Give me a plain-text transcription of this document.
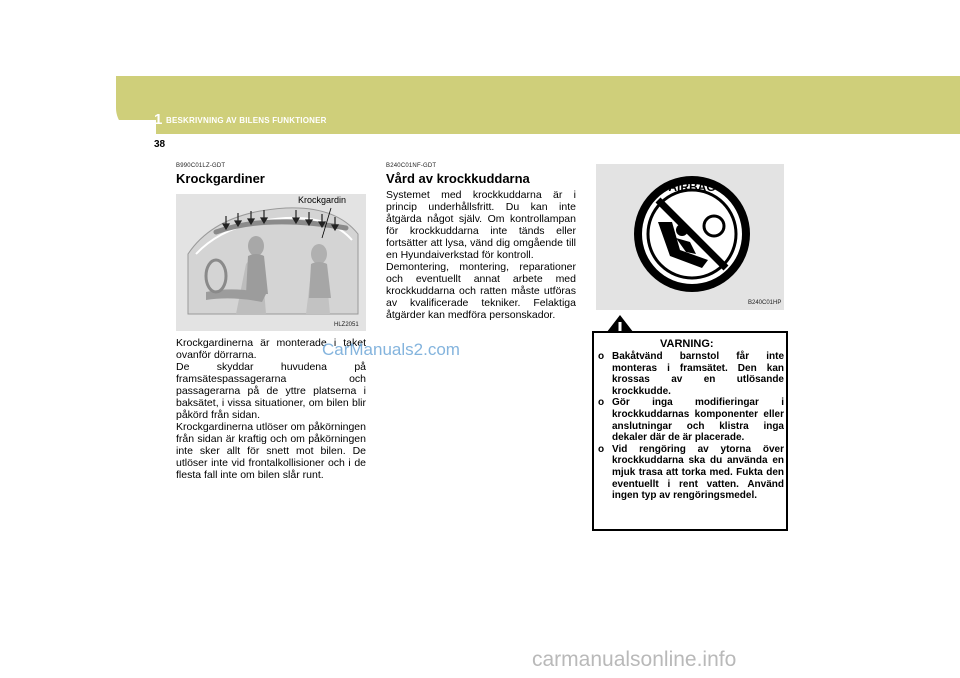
1 BESKRIVNING AV BILENS FUNKTIONER
38
B990C01LZ-GDT
Krockgardiner
Krockgardin
HLZ2051
Krockgardinerna är monterade i taket ovanför dörrarna.
De skyddar huvudena på framsätespassagerarna och passagerarna på de yttre platserna i baksätet, i vissa situationer, om bilen blir påkörd från sidan.
Krockgardinerna utlöser om påkörningen från sidan är kraftig och om påkörningen inte sker allt för snett mot bilen. De utlöser inte vid frontalkollisioner och i de flesta fall inte om bilen slår runt.
B240C01NF-GDT
Vård av krockkuddarna
Systemet med krockkuddarna är i princip underhållsfritt. Du kan inte åtgärda något själv. Om kontrollampan för krockkuddarna inte tänds eller fortsätter att lysa, vänd dig omgående till en Hyundaiverkstad för kontroll.
Demontering, montering, reparationer och eventuellt annat arbete med krockkuddarna och ratten måste utföras av kvalificerade tekniker. Felaktiga åtgärder kan medföra personskador.
AIRBAG
B240C01HP
VARNING:
o Bakåtvänd barnstol får inte monteras i framsätet. Den kan krossas av en utlösande krockkudde.
o Gör inga modifieringar i krockkuddarnas komponenter eller anslutningar och klistra inga dekaler där de är placerade.
o Vid rengöring av ytorna över krockkuddarna ska du använda en mjuk trasa att torka med. Fukta den eventuellt i rent vatten. Använd ingen typ av rengöringsmedel.
CarManuals2.com
carmanualsonline.info
